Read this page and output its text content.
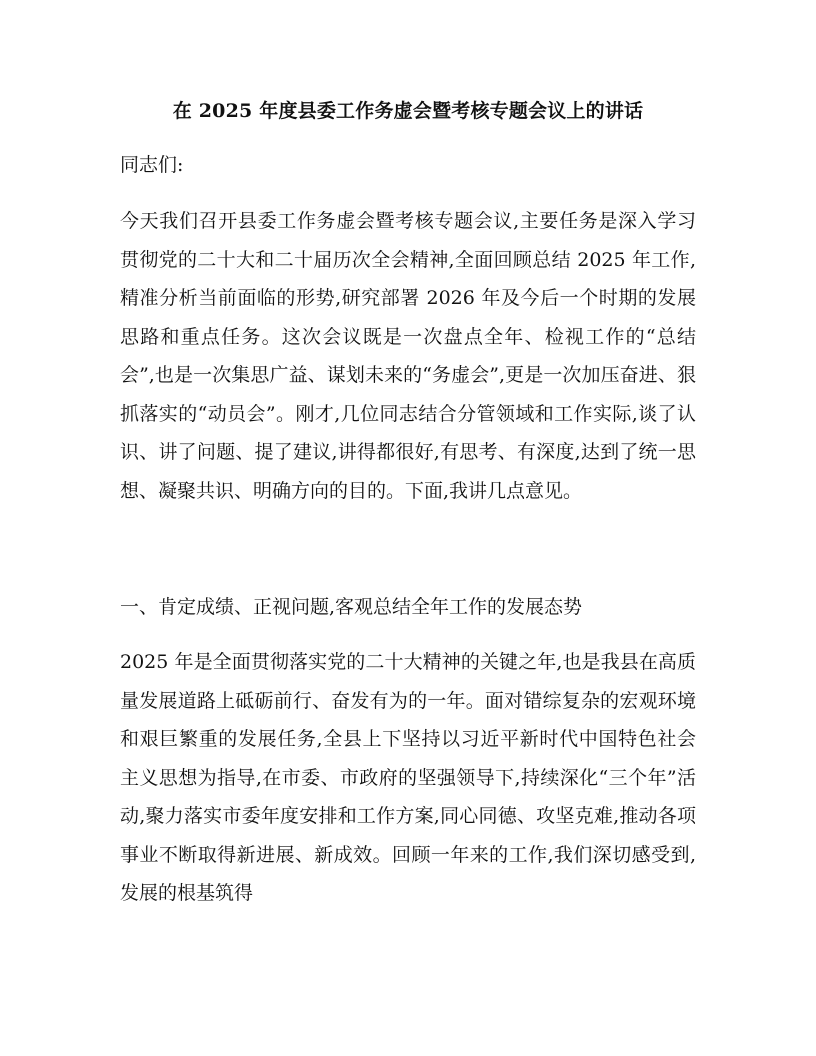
在 2025 年度县委工作务虚会暨考核专题会议上的讲话
同志们:
今天我们召开县委工作务虚会暨考核专题会议,主要任务是深入学习贯彻党的二十大和二十届历次全会精神,全面回顾总结 2025 年工作,精准分析当前面临的形势,研究部署 2026 年及今后一个时期的发展思路和重点任务。这次会议既是一次盘点全年、检视工作的“总结会”,也是一次集思广益、谋划未来的“务虚会”,更是一次加压奋进、狠抓落实的“动员会”。刚才,几位同志结合分管领域和工作实际,谈了认识、讲了问题、提了建议,讲得都很好,有思考、有深度,达到了统一思想、凝聚共识、明确方向的目的。下面,我讲几点意见。
一、肯定成绩、正视问题,客观总结全年工作的发展态势
2025 年是全面贯彻落实党的二十大精神的关键之年,也是我县在高质量发展道路上砥砺前行、奋发有为的一年。面对错综复杂的宏观环境和艰巨繁重的发展任务,全县上下坚持以习近平新时代中国特色社会主义思想为指导,在市委、市政府的坚强领导下,持续深化“三个年”活动,聚力落实市委年度安排和工作方案,同心同德、攻坚克难,推动各项事业不断取得新进展、新成效。回顾一年来的工作,我们深切感受到,发展的根基筑得
